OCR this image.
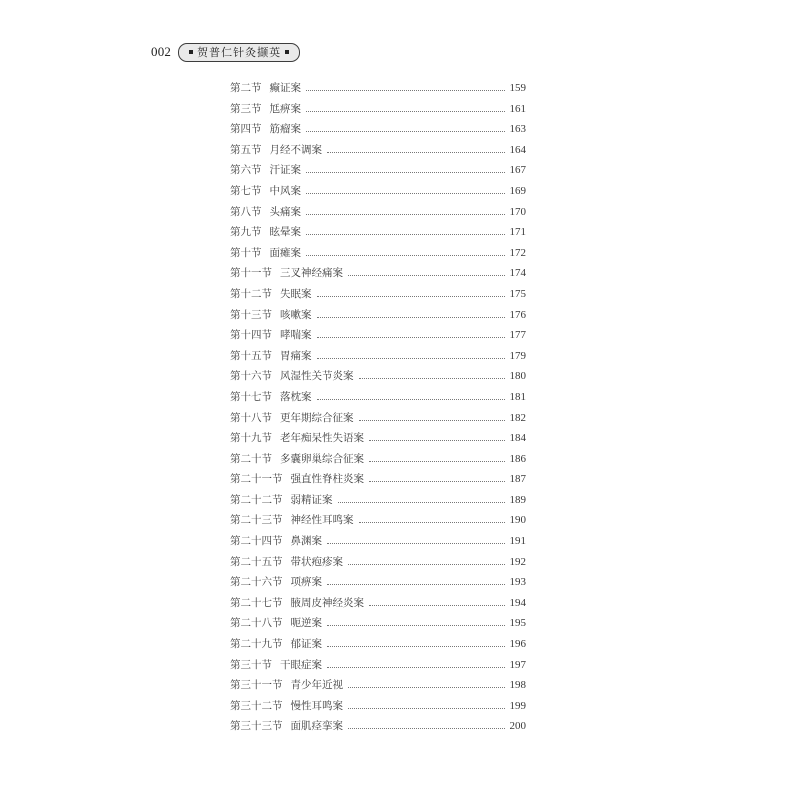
002 贺普仁针灸撷英
第二节 癫证案	159
第三节 尪痹案	161
第四节 筋瘤案	163
第五节 月经不调案	164
第六节 汗证案	167
第七节 中风案	169
第八节 头痛案	170
第九节 眩晕案	171
第十节 面瘫案	172
第十一节 三叉神经痛案	174
第十二节 失眠案	175
第十三节 咳嗽案	176
第十四节 哮喘案	177
第十五节 胃痛案	179
第十六节 风湿性关节炎案	180
第十七节 落枕案	181
第十八节 更年期综合征案	182
第十九节 老年痴呆性失语案	184
第二十节 多囊卵巢综合征案	186
第二十一节 强直性脊柱炎案	187
第二十二节 弱精证案	189
第二十三节 神经性耳鸣案	190
第二十四节 鼻渊案	191
第二十五节 带状疱疹案	192
第二十六节 项痹案	193
第二十七节 腋周皮神经炎案	194
第二十八节 呃逆案	195
第二十九节 郁证案	196
第三十节 干眼症案	197
第三十一节 青少年近视	198
第三十二节 慢性耳鸣案	199
第三十三节 面肌痉挛案	200
